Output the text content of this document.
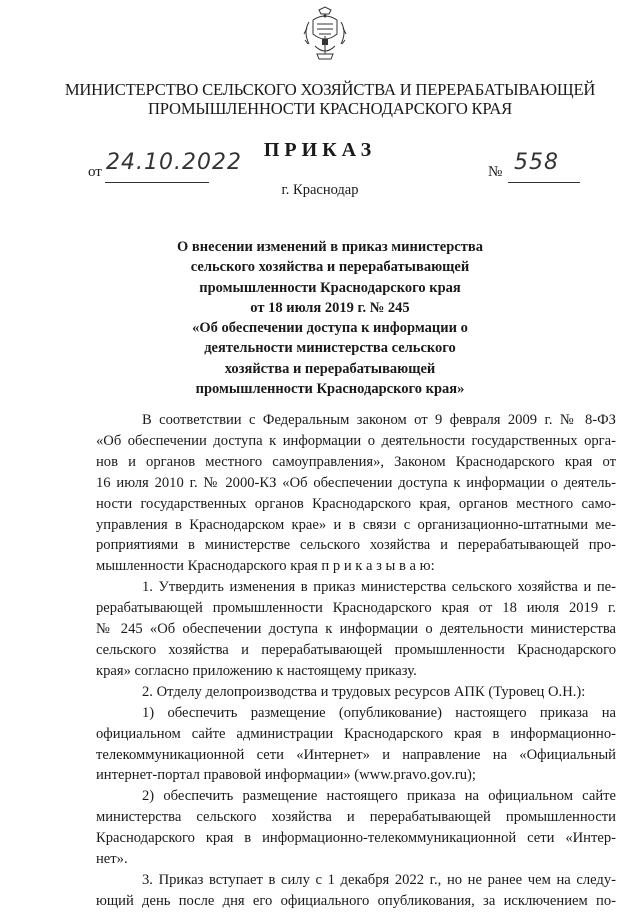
МИНИСТЕРСТВО СЕЛЬСКОГО ХОЗЯЙСТВА И ПЕРЕРАБАТЫВАЮЩЕЙ
ПРОМЫШЛЕННОСТИ КРАСНОДАРСКОГО КРАЯ
ПРИКАЗ
от 24.10.2022	№ 558
г. Краснодар
О внесении изменений в приказ министерства
сельского хозяйства и перерабатывающей
промышленности Краснодарского края
от 18 июля 2019 г. № 245
«Об обеспечении доступа к информации о
деятельности министерства сельского
хозяйства и перерабатывающей
промышленности Краснодарского края»

В соответствии с Федеральным законом от 9 февраля 2009 г. № 8-ФЗ

«Об обеспечении доступа к информации о деятельности государственных орга-

нов и органов местного самоуправления», Законом Краснодарского края от

16 июля 2010 г. № 2000-КЗ «Об обеспечении доступа к информации о деятель-

ности государственных органов Краснодарского края, органов местного само-

управления в Краснодарском крае» и в связи с организационно-штатными ме-

роприятиями в министерстве сельского хозяйства и перерабатывающей про-

мышленности Краснодарского края п р и к а з ы в а ю:

1. Утвердить изменения в приказ министерства сельского хозяйства и пе-

рерабатывающей промышленности Краснодарского края от 18 июля 2019 г.

№ 245 «Об обеспечении доступа к информации о деятельности министерства

сельского хозяйства и перерабатывающей промышленности Краснодарского

края» согласно приложению к настоящему приказу.

2. Отделу делопроизводства и трудовых ресурсов АПК (Туровец О.Н.):

1) обеспечить размещение (опубликование) настоящего приказа на

официальном сайте администрации Краснодарского края в информационно-

телекоммуникационной сети «Интернет» и направление на «Официальный

интернет-портал правовой информации» (www.pravo.gov.ru);

2) обеспечить размещение настоящего приказа на официальном сайте

министерства сельского хозяйства и перерабатывающей промышленности

Краснодарского края в информационно-телекоммуникационной сети «Интер-

нет».

3. Приказ вступает в силу с 1 декабря 2022 г., но не ранее чем на следу-

ющий день после дня его официального опубликования, за исключением по-
